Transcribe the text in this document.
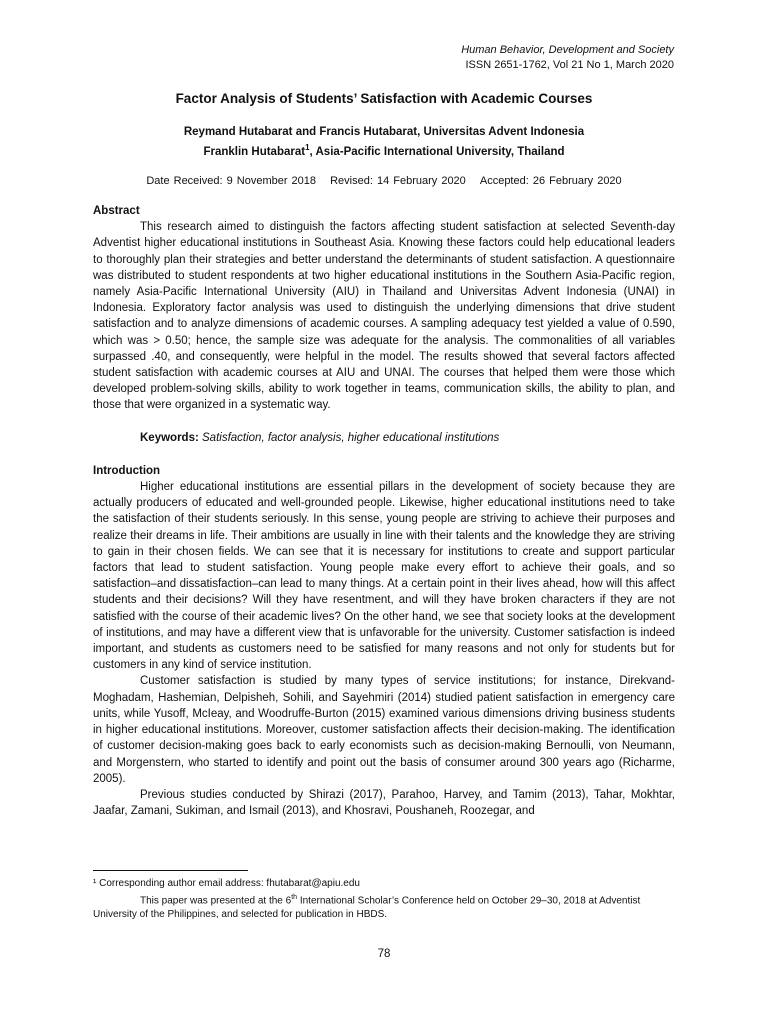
Human Behavior, Development and Society
ISSN 2651-1762, Vol 21 No 1, March 2020
Factor Analysis of Students’ Satisfaction with Academic Courses
Reymand Hutabarat and Francis Hutabarat, Universitas Advent Indonesia
Franklin Hutabarat$^1$, Asia-Pacific International University, Thailand
Date Received: 9 November 2018 Revised: 14 February 2020 Accepted: 26 February 2020
Abstract

This research aimed to distinguish the factors affecting student satisfaction at selected Seventh-day Adventist higher educational institutions in Southeast Asia. Knowing these factors could help educational leaders to thoroughly plan their strategies and better understand the determinants of student satisfaction. A questionnaire was distributed to student respondents at two higher educational institutions in the Southern Asia-Pacific region, namely Asia-Pacific International University (AIU) in Thailand and Universitas Advent Indonesia (UNAI) in Indonesia. Exploratory factor analysis was used to distinguish the underlying dimensions that drive student satisfaction and to analyze dimensions of academic courses. A sampling adequacy test yielded a value of 0.590, which was > 0.50; hence, the sample size was adequate for the analysis. The commonalities of all variables surpassed .40, and consequently, were helpful in the model. The results showed that several factors affected student satisfaction with academic courses at AIU and UNAI. The courses that helped them were those which developed problem-solving skills, ability to work together in teams, communication skills, the ability to plan, and those that were organized in a systematic way.

Keywords: Satisfaction, factor analysis, higher educational institutions
Introduction

Higher educational institutions are essential pillars in the development of society because they are actually producers of educated and well-grounded people. Likewise, higher educational institutions need to take the satisfaction of their students seriously. In this sense, young people are striving to achieve their purposes and realize their dreams in life. Their ambitions are usually in line with their talents and the knowledge they are striving to gain in their chosen fields. We can see that it is necessary for institutions to create and support particular factors that lead to student satisfaction. Young people make every effort to achieve their goals, and so satisfaction–and dissatisfaction–can lead to many things. At a certain point in their lives ahead, how will this affect students and their decisions? Will they have resentment, and will they have broken characters if they are not satisfied with the course of their academic lives? On the other hand, we see that society looks at the development of institutions, and may have a different view that is unfavorable for the university. Customer satisfaction is indeed important, and students as customers need to be satisfied for many reasons and not only for students but for customers in any kind of service institution.

Customer satisfaction is studied by many types of service institutions; for instance, Direkvand-Moghadam, Hashemian, Delpisheh, Sohili, and Sayehmiri (2014) studied patient satisfaction in emergency care units, while Yusoff, McIeay, and Woodruffe-Burton (2015) examined various dimensions driving business students in higher educational institutions. Moreover, customer satisfaction affects their decision-making. The identification of customer decision-making goes back to early economists such as decision-making Bernoulli, von Neumann, and Morgenstern, who started to identify and point out the basis of consumer around 300 years ago (Richarme, 2005).

Previous studies conducted by Shirazi (2017), Parahoo, Harvey, and Tamim (2013), Tahar, Mokhtar, Jaafar, Zamani, Sukiman, and Ismail (2013), and Khosravi, Poushaneh, Roozegar, and

¹ Corresponding author email address: fhutabarat@apiu.edu
This paper was presented at the 6th International Scholar’s Conference held on October 29–30, 2018 at Adventist University of the Philippines, and selected for publication in HBDS.
78
